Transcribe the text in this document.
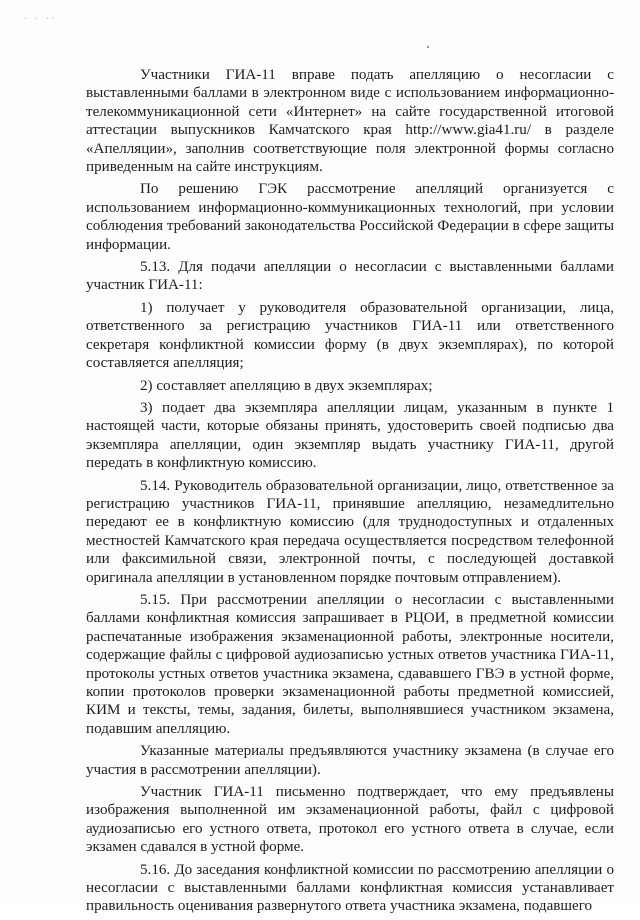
· · ··

Участники ГИА-11 вправе подать апелляцию о несогласии с выставленными баллами в электронном виде с использованием информационно-телекоммуникационной сети «Интернет» на сайте государственной итоговой аттестации выпускников Камчатского края http://www.gia41.ru/ в разделе «Апелляции», заполнив соответствующие поля электронной формы согласно приведенным на сайте инструкциям.

По решению ГЭК рассмотрение апелляций организуется с использованием информационно-коммуникационных технологий, при условии соблюдения требований законодательства Российской Федерации в сфере защиты информации.

5.13. Для подачи апелляции о несогласии с выставленными баллами участник ГИА-11:

1) получает у руководителя образовательной организации, лица, ответственного за регистрацию участников ГИА-11 или ответственного секретаря конфликтной комиссии форму (в двух экземплярах), по которой составляется апелляция;

2) составляет апелляцию в двух экземплярах;

3) подает два экземпляра апелляции лицам, указанным в пункте 1 настоящей части, которые обязаны принять, удостоверить своей подписью два экземпляра апелляции, один экземпляр выдать участнику ГИА-11, другой передать в конфликтную комиссию.

5.14. Руководитель образовательной организации, лицо, ответственное за регистрацию участников ГИА-11, принявшие апелляцию, незамедлительно передают ее в конфликтную комиссию (для труднодоступных и отдаленных местностей Камчатского края передача осуществляется посредством телефонной или факсимильной связи, электронной почты, с последующей доставкой оригинала апелляции в установленном порядке почтовым отправлением).

5.15. При рассмотрении апелляции о несогласии с выставленными баллами конфликтная комиссия запрашивает в РЦОИ, в предметной комиссии распечатанные изображения экзаменационной работы, электронные носители, содержащие файлы с цифровой аудиозаписью устных ответов участника ГИА-11, протоколы устных ответов участника экзамена, сдававшего ГВЭ в устной форме, копии протоколов проверки экзаменационной работы предметной комиссией, КИМ и тексты, темы, задания, билеты, выполнявшиеся участником экзамена, подавшим апелляцию.

Указанные материалы предъявляются участнику экзамена (в случае его участия в рассмотрении апелляции).

Участник ГИА-11 письменно подтверждает, что ему предъявлены изображения выполненной им экзаменационной работы, файл с цифровой аудиозаписью его устного ответа, протокол его устного ответа в случае, если экзамен сдавался в устной форме.

5.16. До заседания конфликтной комиссии по рассмотрению апелляции о несогласии с выставленными баллами конфликтная комиссия устанавливает правильность оценивания развернутого ответа участника экзамена, подавшего
